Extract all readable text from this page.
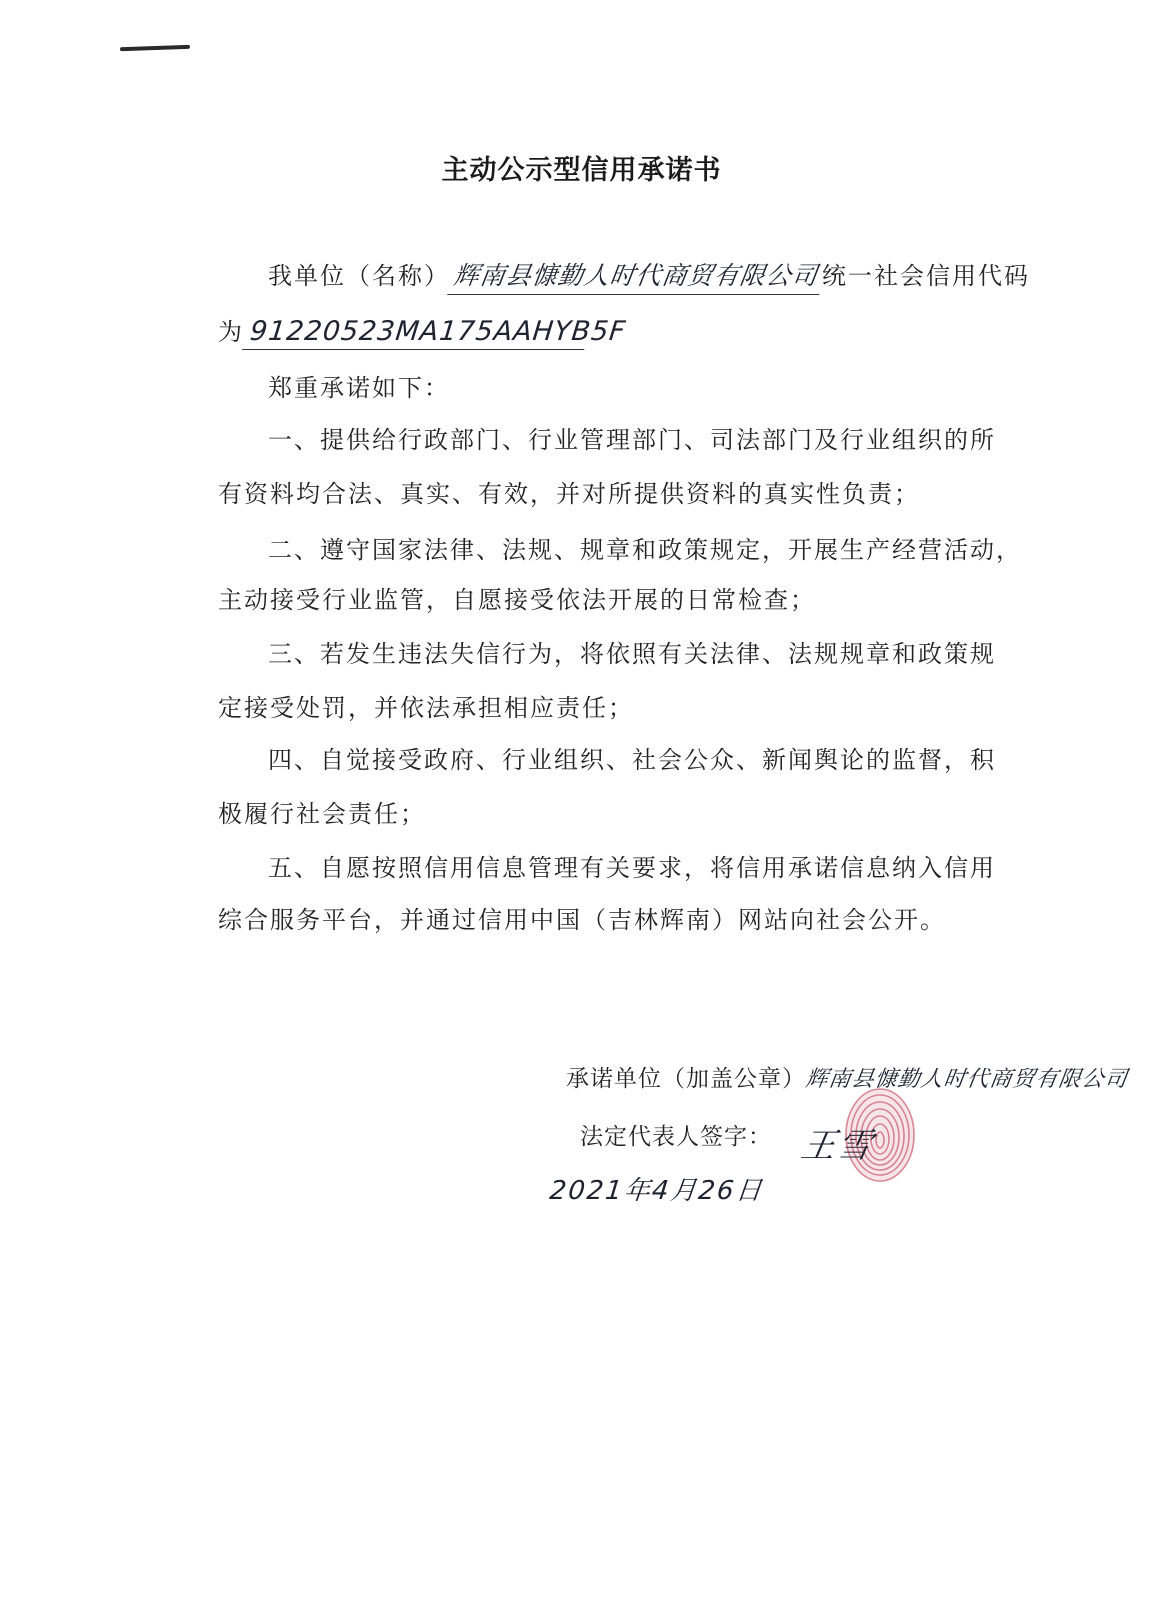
主动公示型信用承诺书
我单位（名称）辉南县慷勤人时代商贸有限公司统一社会信用代码
为 91220523MA175AAHYB5F
郑重承诺如下：
一、提供给行政部门、行业管理部门、司法部门及行业组织的所
有资料均合法、真实、有效，并对所提供资料的真实性负责；
二、遵守国家法律、法规、规章和政策规定，开展生产经营活动，
主动接受行业监管，自愿接受依法开展的日常检查；
三、若发生违法失信行为，将依照有关法律、法规规章和政策规
定接受处罚，并依法承担相应责任；
四、自觉接受政府、行业组织、社会公众、新闻舆论的监督，积
极履行社会责任；
五、自愿按照信用信息管理有关要求，将信用承诺信息纳入信用
综合服务平台，并通过信用中国（吉林辉南）网站向社会公开。
承诺单位（加盖公章）辉南县慷勤人时代商贸有限公司
法定代表人签字： 王雪
2021年4月26日
